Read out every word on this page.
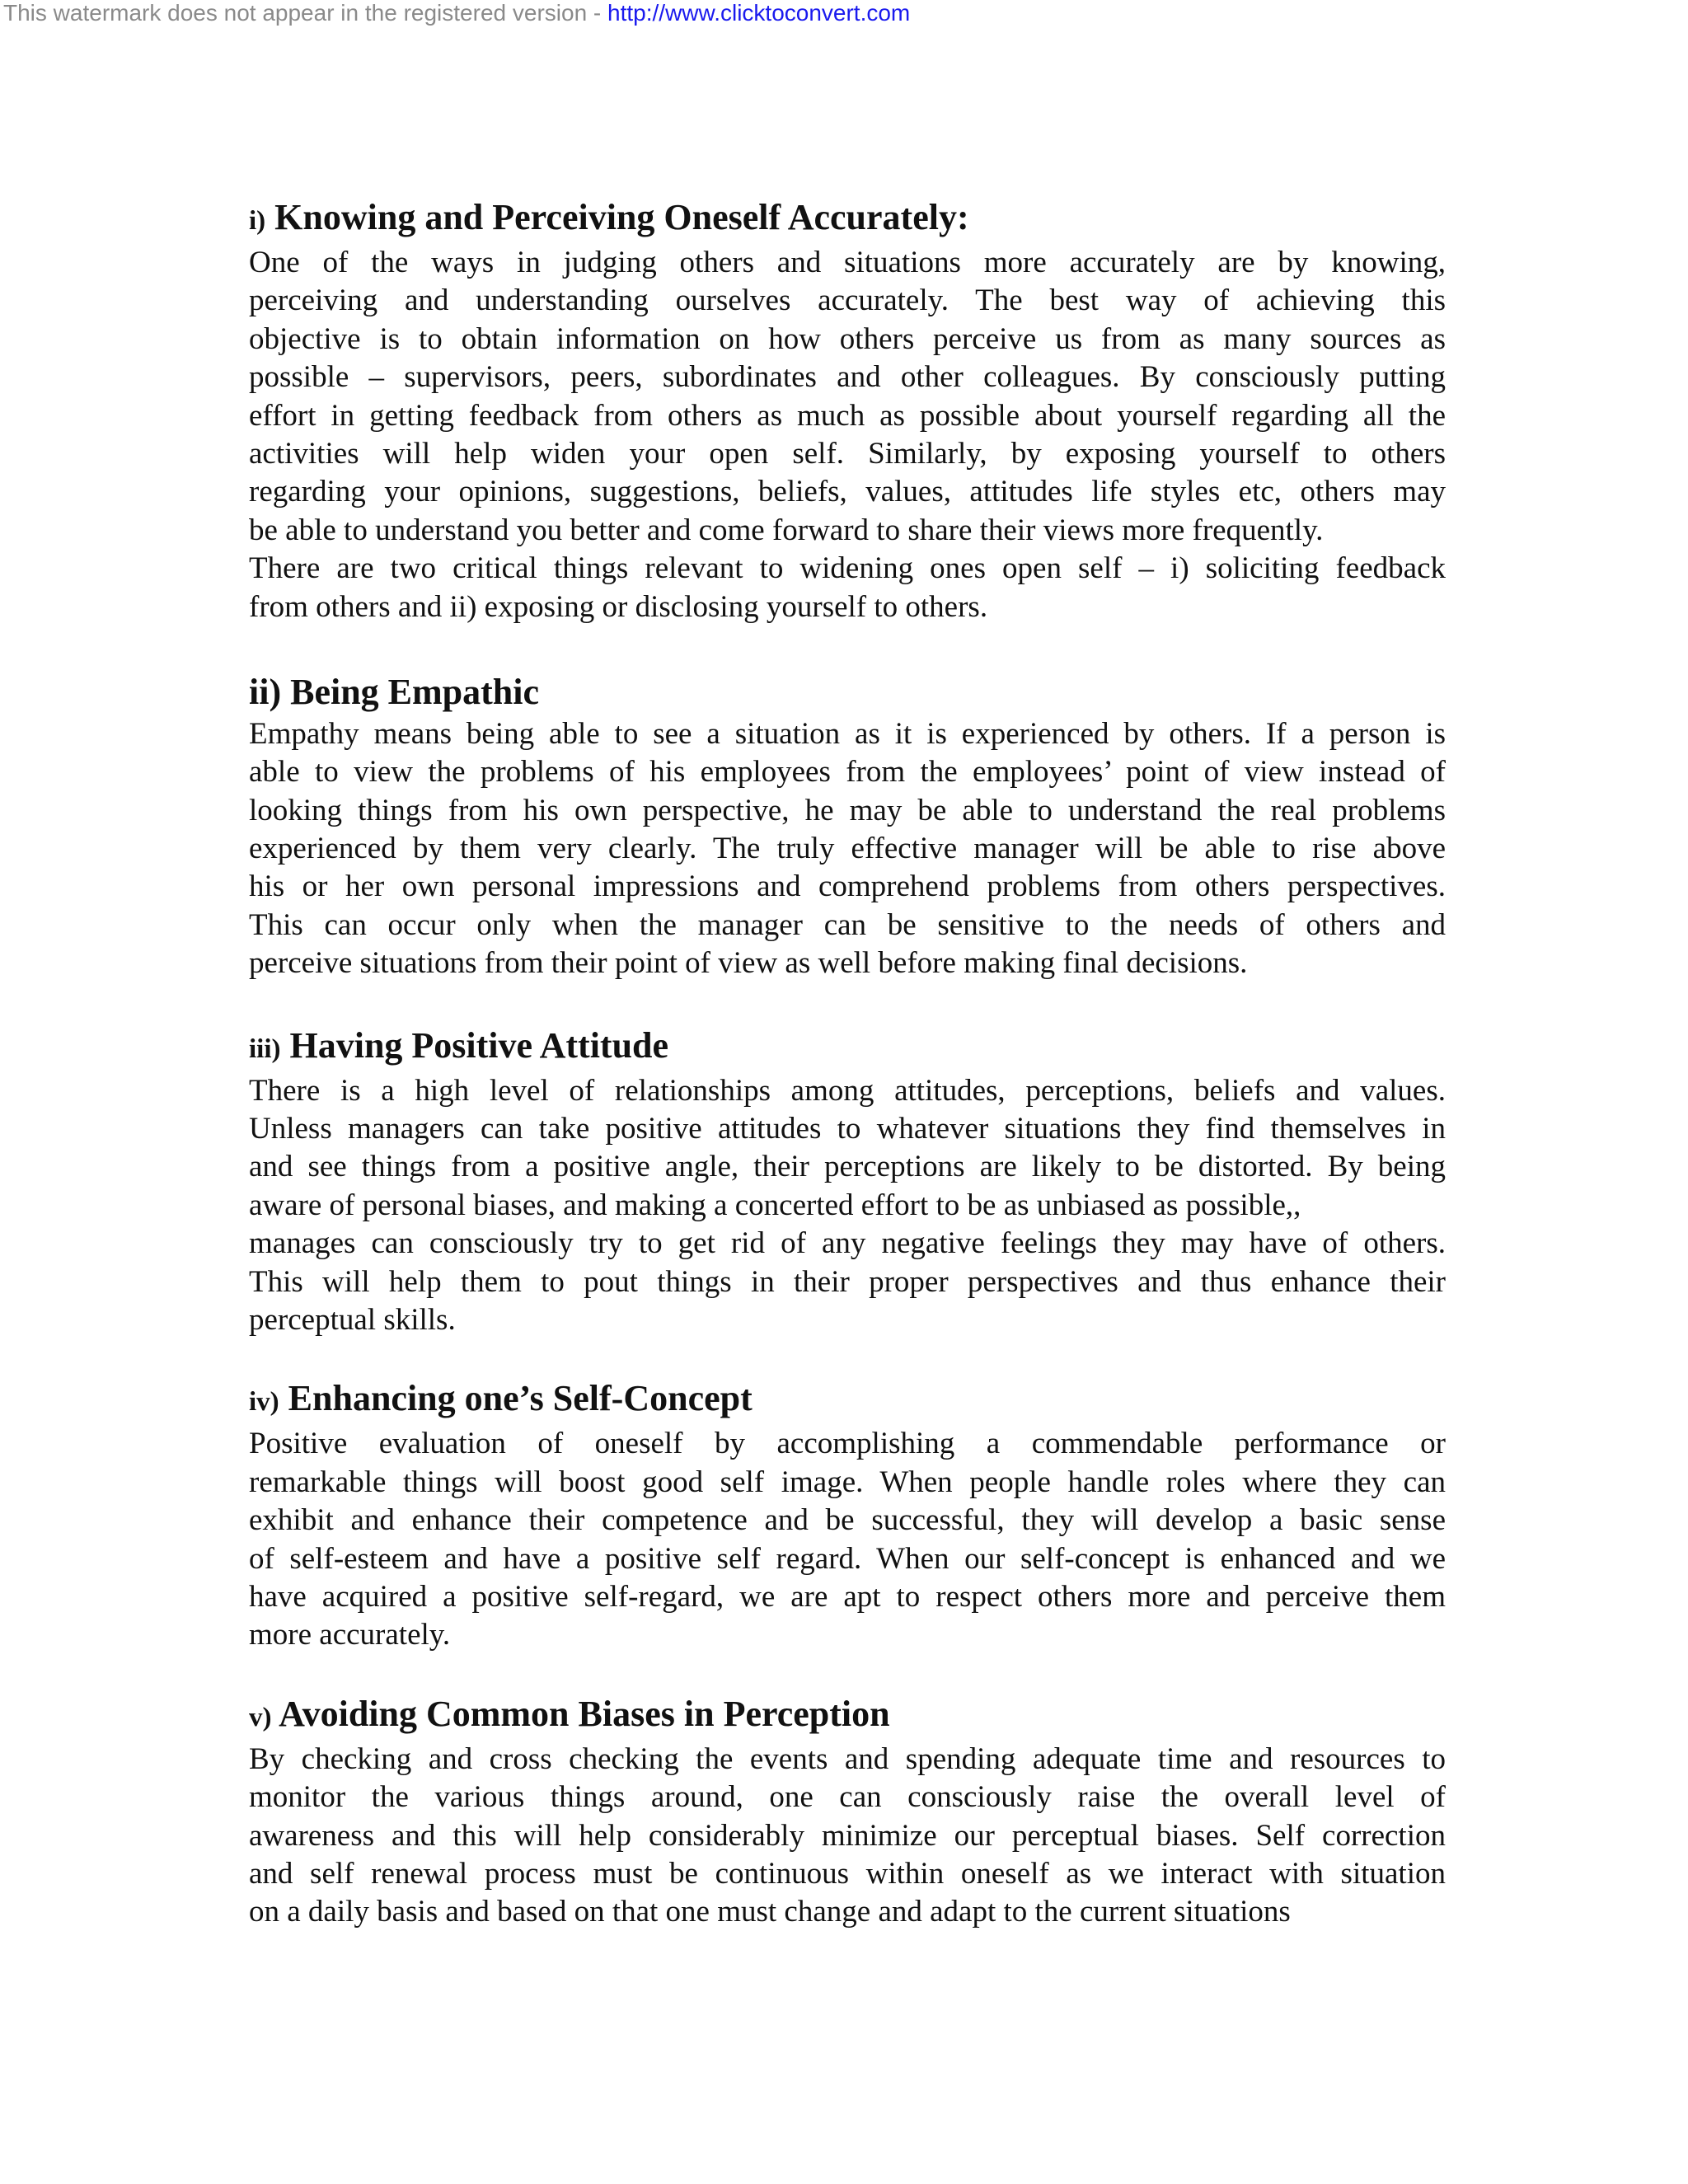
This watermark does not appear in the registered version - http://www.clicktoconvert.com
i) Knowing and Perceiving Oneself Accurately:
One of the ways in judging others and situations more accurately are by knowing,
perceiving and understanding ourselves accurately. The best way of achieving this
objective is to obtain information on how others perceive us from as many sources as
possible – supervisors, peers, subordinates and other colleagues. By consciously putting
effort in getting feedback from others as much as possible about yourself regarding all the
activities will help widen your open self. Similarly, by exposing yourself to others
regarding your opinions, suggestions, beliefs, values, attitudes life styles etc, others may
be able to understand you better and come forward to share their views more frequently.
There are two critical things relevant to widening ones open self – i) soliciting feedback
from others and ii) exposing or disclosing yourself to others.
ii) Being Empathic
Empathy means being able to see a situation as it is experienced by others. If a person is
able to view the problems of his employees from the employees’ point of view instead of
looking things from his own perspective, he may be able to understand the real problems
experienced by them very clearly. The truly effective manager will be able to rise above
his or her own personal impressions and comprehend problems from others perspectives.
This can occur only when the manager can be sensitive to the needs of others and
perceive situations from their point of view as well before making final decisions.
iii) Having Positive Attitude
There is a high level of relationships among attitudes, perceptions, beliefs and values.
Unless managers can take positive attitudes to whatever situations they find themselves in
and see things from a positive angle, their perceptions are likely to be distorted. By being
aware of personal biases, and making a concerted effort to be as unbiased as possible,,
manages can consciously try to get rid of any negative feelings they may have of others.
This will help them to pout things in their proper perspectives and thus enhance their
perceptual skills.
iv) Enhancing one’s Self-Concept
Positive evaluation of oneself by accomplishing a commendable performance or
remarkable things will boost good self image. When people handle roles where they can
exhibit and enhance their competence and be successful, they will develop a basic sense
of self-esteem and have a positive self regard. When our self-concept is enhanced and we
have acquired a positive self-regard, we are apt to respect others more and perceive them
more accurately.
v) Avoiding Common Biases in Perception
By checking and cross checking the events and spending adequate time and resources to
monitor the various things around, one can consciously raise the overall level of
awareness and this will help considerably minimize our perceptual biases. Self correction
and self renewal process must be continuous within oneself as we interact with situation
on a daily basis and based on that one must change and adapt to the current situations
